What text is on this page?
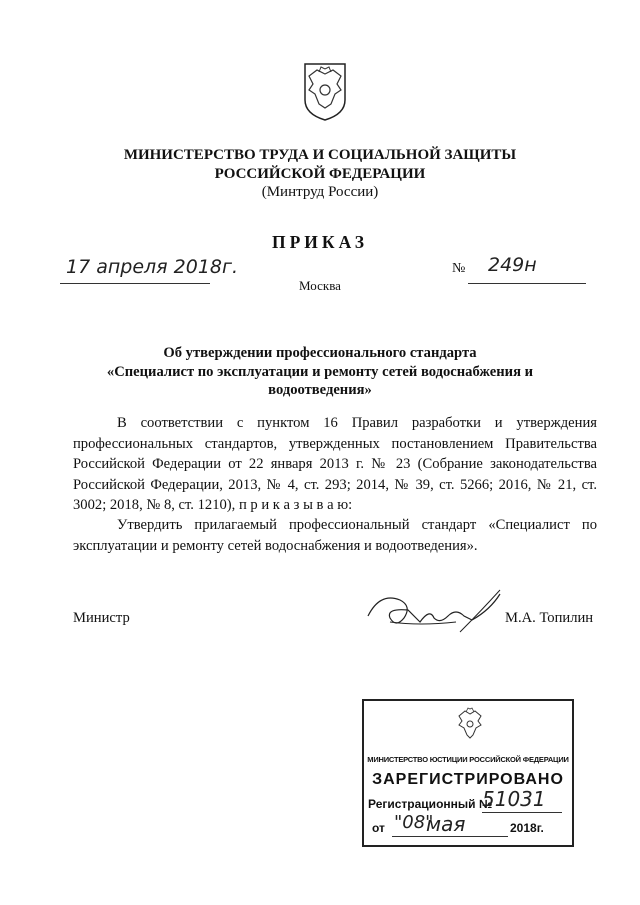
МИНИСТЕРСТВО ТРУДА И СОЦИАЛЬНОЙ ЗАЩИТЫ
РОССИЙСКОЙ ФЕДЕРАЦИИ
(Минтруд России)
ПРИКАЗ
17 апреля 2018г.	№ 249н
Москва
Об утверждении профессионального стандарта
«Специалист по эксплуатации и ремонту сетей водоснабжения и
водоотведения»
В соответствии с пунктом 16 Правил разработки и утверждения профессиональных стандартов, утвержденных постановлением Правительства Российской Федерации от 22 января 2013 г. № 23 (Собрание законодательства Российской Федерации, 2013, № 4, ст. 293; 2014, № 39, ст. 5266; 2016, № 21, ст. 3002; 2018, № 8, ст. 1210), п р и к а з ы в а ю:
Утвердить прилагаемый профессиональный стандарт «Специалист по эксплуатации и ремонту сетей водоснабжения и водоотведения».
Министр	М.А. Топилин
МИНИСТЕРСТВО ЮСТИЦИИ РОССИЙСКОЙ ФЕДЕРАЦИИ
ЗАРЕГИСТРИРОВАНО
Регистрационный №
51031
от "08"
мая	2018г.
